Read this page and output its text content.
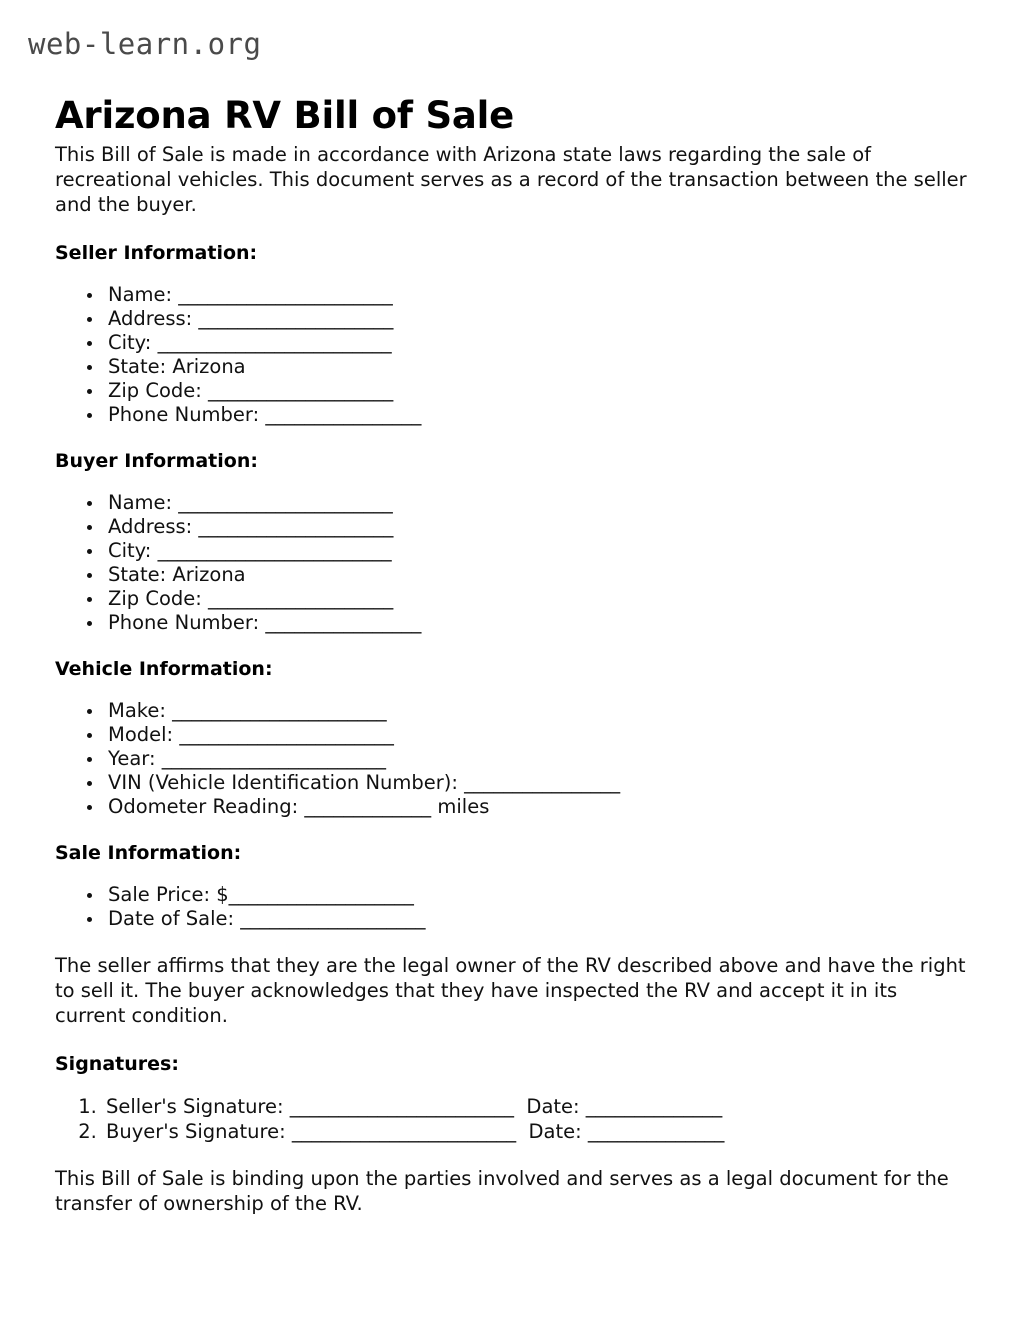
web-learn.org
Arizona RV Bill of Sale

This Bill of Sale is made in accordance with Arizona state laws regarding the sale of recreational vehicles. This document serves as a record of the transaction between the seller and the buyer.

Seller Information:
• Name: ______________________
• Address: ____________________
• City: ________________________
• State: Arizona
• Zip Code: ___________________
• Phone Number: ________________
Buyer Information:
• Name: ______________________
• Address: ____________________
• City: ________________________
• State: Arizona
• Zip Code: ___________________
• Phone Number: ________________
Vehicle Information:
• Make: ______________________
• Model: ______________________
• Year: _______________________
• VIN (Vehicle Identification Number): ________________
• Odometer Reading: _____________ miles
Sale Information:
• Sale Price: $___________________
• Date of Sale: ___________________

The seller affirms that they are the legal owner of the RV described above and have the right to sell it. The buyer acknowledges that they have inspected the RV and accept it in its current condition.

Signatures:
1. Seller's Signature: _______________________  Date: ______________
2. Buyer's Signature: _______________________  Date: ______________

This Bill of Sale is binding upon the parties involved and serves as a legal document for the transfer of ownership of the RV.
